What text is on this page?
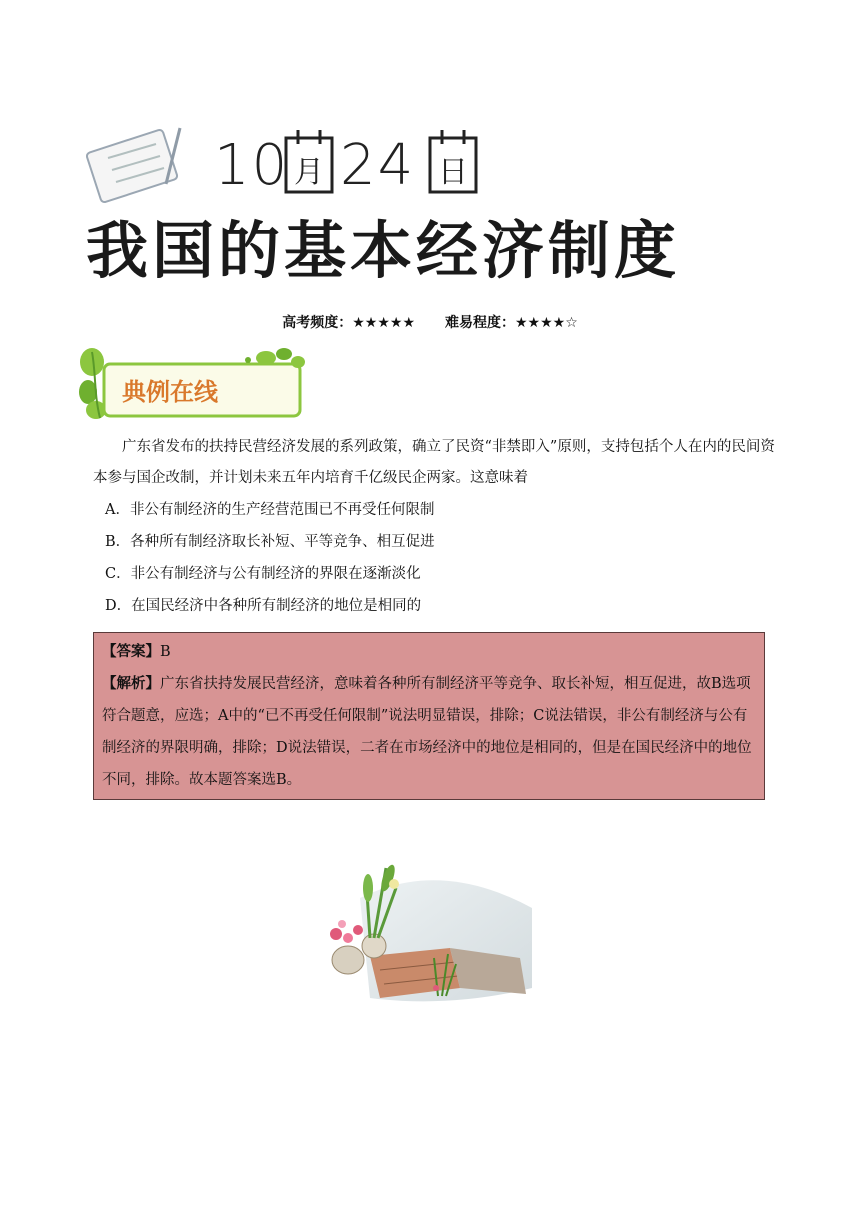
10 月 24 日
我国的基本经济制度
高考频度：★★★★★ 难易程度：★★★★☆
典例在线

广东省发布的扶持民营经济发展的系列政策，确立了民资“非禁即入”原则，支持包括个人在内的民间资本参与国企改制，并计划未来五年内培育千亿级民企两家。这意味着

A．非公有制经济的生产经营范围已不再受任何限制

B．各种所有制经济取长补短、平等竞争、相互促进

C．非公有制经济与公有制经济的界限在逐渐淡化

D．在国民经济中各种所有制经济的地位是相同的

【答案】B

【解析】广东省扶持发展民营经济，意味着各种所有制经济平等竞争、取长补短，相互促进，故B选项符合题意，应选；A中的“已不再受任何限制”说法明显错误，排除；C说法错误，非公有制经济与公有制经济的界限明确，排除；D说法错误，二者在市场经济中的地位是相同的，但是在国民经济中的地位不同，排除。故本题答案选B。
